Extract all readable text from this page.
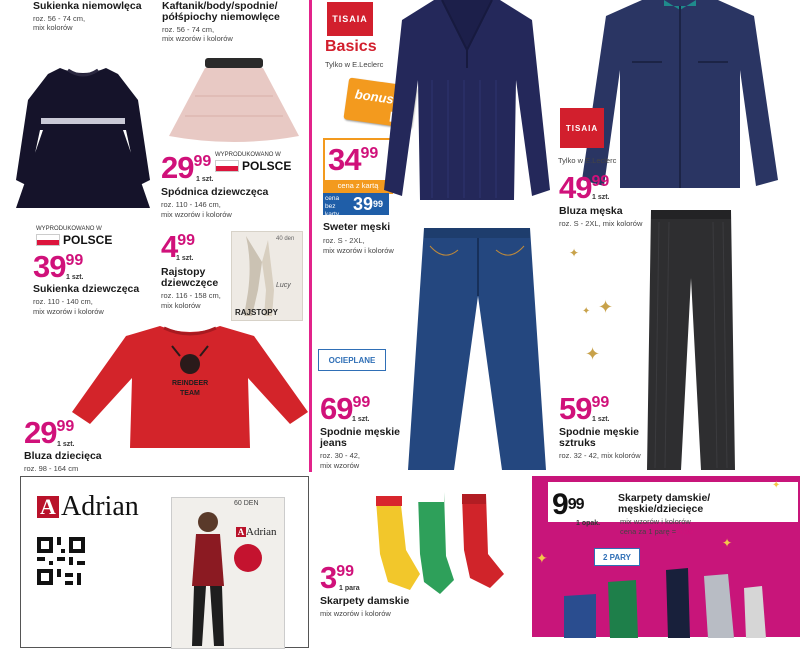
Sukienka niemowlęca
roz. 56 - 74 cm,
mix kolorów
Kaftanik/body/spodnie/
półśpiochy niemowlęce
roz. 56 - 74 cm,
mix wzorów i kolorów
2999
1 szt.
WYPRODUKOWANO W
POLSCE
Spódnica dziewczęca
roz. 110 - 146 cm,
mix wzorów i kolorów
WYPRODUKOWANO W
POLSCE
3999
1 szt.
Sukienka dziewczęca
roz. 110 - 140 cm,
mix wzorów i kolorów
499
1 szt.
Rajstopy
dziewczęce
roz. 116 - 158 cm,
mix kolorów
40 den
Lucy
RAJSTOPY
REINDEER
TEAM
2999
1 szt.
Bluza dziecięca
roz. 98 - 164 cm
A Adrian	60 DEN
A Adrian
TISAIA
Basics
Tylko w E.Leclerc
bonus
3499
cena z kartą
cena bez karty
$39^{99}$
Sweter męski
roz. S - 2XL,
mix wzorów i kolorów
TISAIA
Tylko w E.Leclerc
4999
1 szt.
Bluza męska
roz. S - 2XL, mix kolorów
✦
✦
✦
✦
OCIEPLANE
6999
1 szt.
Spodnie męskie
jeans
roz. 30 - 42,
mix wzorów
5999
1 szt.
Spodnie męskie
sztruks
roz. 32 - 42, mix kolorów
399
1 para
Skarpety damskie
mix wzorów i kolorów
$9^{99}$
1 opak.
Skarpety damskie/
męskie/dziecięce
mix wzorów i kolorów
cena za 1 parę = 5,00
2 PARY
✦
✦
✦
